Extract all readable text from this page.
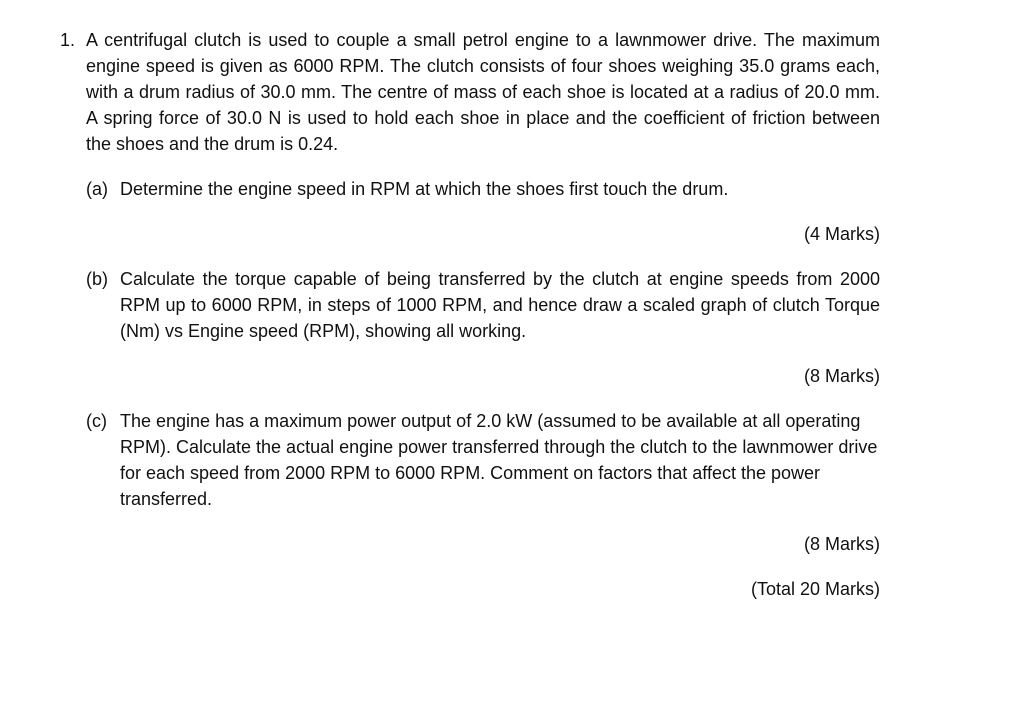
1. A centrifugal clutch is used to couple a small petrol engine to a lawnmower drive. The maximum engine speed is given as 6000 RPM. The clutch consists of four shoes weighing 35.0 grams each, with a drum radius of 30.0 mm. The centre of mass of each shoe is located at a radius of 20.0 mm. A spring force of 30.0 N is used to hold each shoe in place and the coefficient of friction between the shoes and the drum is 0.24.
(a) Determine the engine speed in RPM at which the shoes first touch the drum.
(4 Marks)
(b) Calculate the torque capable of being transferred by the clutch at engine speeds from 2000 RPM up to 6000 RPM, in steps of 1000 RPM, and hence draw a scaled graph of clutch Torque (Nm) vs Engine speed (RPM), showing all working.
(8 Marks)
(c) The engine has a maximum power output of 2.0 kW (assumed to be available at all operating RPM). Calculate the actual engine power transferred through the clutch to the lawnmower drive for each speed from 2000 RPM to 6000 RPM. Comment on factors that affect the power transferred.
(8 Marks)
(Total 20 Marks)
